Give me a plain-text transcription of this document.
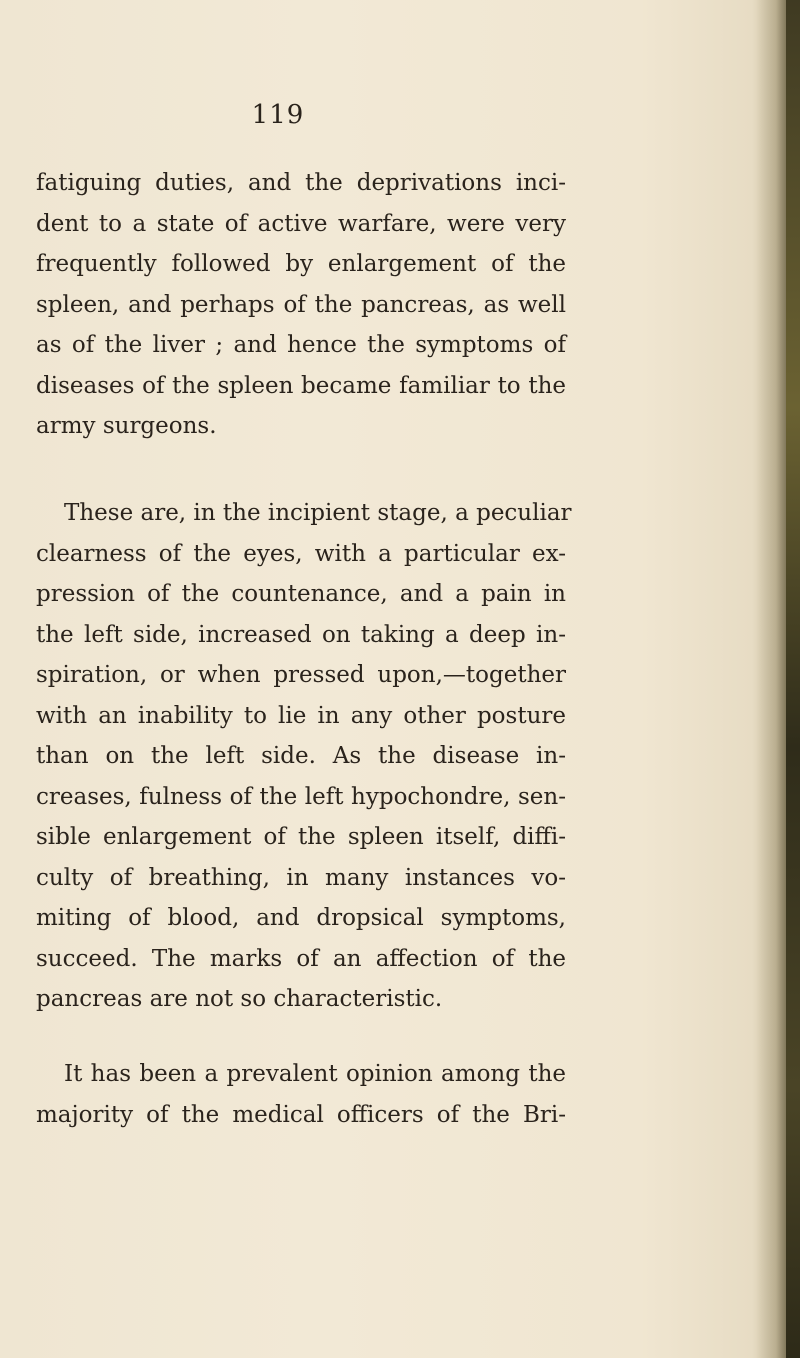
119
fatiguing duties, and the deprivations inci-
dent to a state of active warfare, were very
frequently followed by enlargement of the
spleen, and perhaps of the pancreas, as well
as of the liver ; and hence the symptoms of
diseases of the spleen became familiar to the
army surgeons.
These are, in the incipient stage, a peculiar
clearness of the eyes, with a particular ex-
pression of the countenance, and a pain in
the left side, increased on taking a deep in-
spiration, or when pressed upon,—together
with an inability to lie in any other posture
than on the left side. As the disease in-
creases, fulness of the left hypochondre, sen-
sible enlargement of the spleen itself, diffi-
culty of breathing, in many instances vo-
miting of blood, and dropsical symptoms,
succeed. The marks of an affection of the
pancreas are not so characteristic.
It has been a prevalent opinion among the
majority of the medical officers of the Bri-
